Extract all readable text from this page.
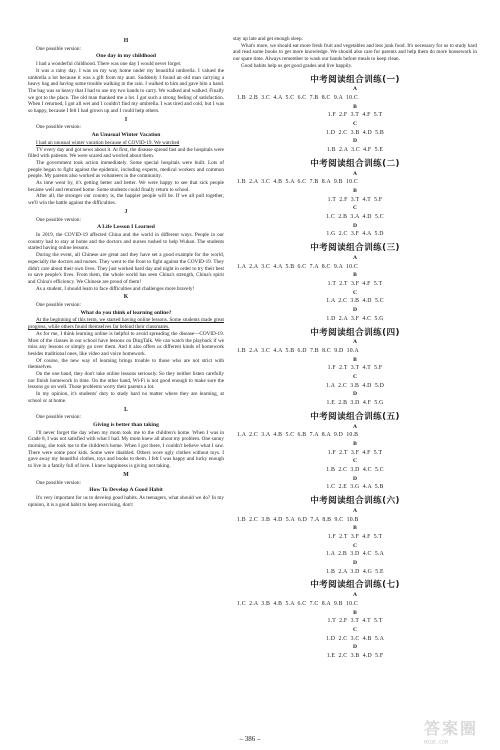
H
One possible version:
One day in my childhood
I had a wonderful childhood. There was one day I would never forget.
It was a rainy day. I was on my way home under my beautiful umbrella. I valued the umbrella a lot because it was a gift from my aunt. Suddenly I found an old man carrying a heavy bag and having some trouble walking in the rain. I walked to him and gave him a hand. The bag was so heavy that I had to use my two hands to carry. We walked and walked. Finally we got to the place. The old man thanked me a lot. I got such a strong feeling of satisfaction. When I returned, I got all wet and I couldn't find my umbrella. I was tired and cold, but I was so happy, because I felt I had grown up and I could help others.
I
One possible version:
An Unusual Winter Vacation
I had an unusual winter vacation because of COVID-19. We watched
TV every day and got news about it. At first, the disease spread fast and the hospitals were filled with patients. We were scared and worried about them.
The government took action immediately. Some special hospitals were built. Lots of people began to fight against the epidemic, including experts, medical workers and common people. My parents also worked as volunteers in the community.
As time went by, it's getting better and better. We were happy to see that sick people became well and returned home. Some students could finally return to school.
After all, the stronger our country is, the happier people will be. If we all pull together, we'll win the battle against the difficulties.
J
One possible version:
A Life Lesson I Learned
In 2019, the COVID-19 affected China and the world in different ways. People in our country had to stay at home and the doctors and nurses rushed to help Wuhan. The students started having online lessons.
During the event, all Chinese are great and they have set a good example for the world, especially the doctors and nurses. They went to the front to fight against the COVID-19. They didn't care about their own lives. They just worked hard day and night in order to try their best to save people's lives. From them, the whole world has seen China's strength, China's spirit and China's efficiency. We Chinese are proud of them!
As a student, I should learn to face difficulties and challenges more bravely!
K
One possible version:
What do you think of learning online?
At the beginning of this term, we started having online lessons. Some students made great progress, while others found themselves far behind their classmates.
As for me, I think learning online is helpful to avoid spreading the disease—COVID-19. Most of the classes in our school have lessons on DingTalk. We can watch the playback if we miss any lessons or simply go over them. And it also offers us different kinds of homework besides traditional ones, like video and voice homework.
Of course, the new way of learning brings trouble to those who are not strict with themselves.
On the one hand, they don't take online lessons seriously. So they neither listen carefully nor finish homework in time. On the other hand, Wi-Fi is not good enough to make sure the lessons go on well. Those problems worry their parents a lot.
In my opinion, it's students' duty to study hard no matter where they are learning, at school or at home.
L
One possible version:
Giving is better than taking
I'll never forget the day when my mom took me to the children's home. When I was in Grade 8, I was not satisfied with what I had. My mom knew all about my problem. One sunny morning, she took me to the children's home. When I got there, I couldn't believe what I saw. There were some poor kids. Some were disabled. Others wore ugly clothes without toys. I gave away my beautiful clothes, toys and books to them. I felt I was happy and lucky enough to live in a family full of love. I knew happiness is giving not taking.
M
One possible version:
How To Develop A Good Habit
It's very important for us to develop good habits. As teenagers, what should we do? In my opinion, it is a good habit to keep exercising, don't
stay up late and get enough sleep.
What's more, we should eat more fresh fruit and vegetables and less junk food. It's necessary for us to study hard and read some books to get more knowledge. We should also care for parents and help them do more housework in our spare time. Always remember to wash our hands before meals to keep clean.
Good habits help us get good grades and live happily.
中考阅读组合训练(一)
A
1.B  2.B  3.C  4.A  5.C  6.C  7.B  8.C  9.A  10.C
B
1.F  2.F  3.T  4.F  5.T
C
1.D  2.C  3.B  4.D  5.B
D
1.B  2.A  3.C  4.F  5.E
中考阅读组合训练(二)
A
1.B  2.A  3.C  4.B  5.A  6.C  7.B  8.A  9.B  10.C
B
1.T  2.F  3.T  4.T  5.F
C
1.C  2.B  3.A  4.D  5.C
D
1.G  2.C  3.F  4.A  5.D
中考阅读组合训练(三)
A
1.A  2.A  3.C  4.A  5.B  6.C  7.A  8.C  9.A  10.C
B
1.T  2.T  3.F  4.F  5.T
C
1.A  2.C  3.B  4.D  5.C
D
1.D  2.A  3.F  4.C  5.G
中考阅读组合训练(四)
A
1.B  2.A  3.C  4.A  5.B  6.D  7.B  8.C  9.D  10.A
B
1.F  2.T  3.T  4.T  5.F
C
1.A  2.C  3.B  4.D  5.D
D
1.E  2.B  3.D  4.F  5.G
中考阅读组合训练(五)
A
1.A  2.C  3.A  4.B  5.C  6.B  7.A  8.A  9.D  10.B
B
1.F  2.T  3.F  4.F  5.T
C
1.B  2.C  3.D  4.C  5.C
D
1.C  2.E  3.G  4.A  5.B
中考阅读组合训练(六)
A
1.B  2.C  3.B  4.D  5.A  6.D  7.A  8.B  9.C  10.B
B
1.F  2.T  3.F  4.F  5.T
C
1.A  2.B  3.D  4.C  5.A
D
1.B  2.A  3.D  4.G  5.E
中考阅读组合训练(七)
A
1.C  2.A  3.B  4.B  5.A  6.C  7.C  8.A  9.B  10.C
B
1.T  2.F  3.T  4.T  5.T
C
1.D  2.C  3.C  4.B  5.A
D
1.E  2.C  3.B  4.D  5.F
– 386 –
答案圈
MXQE.COM
